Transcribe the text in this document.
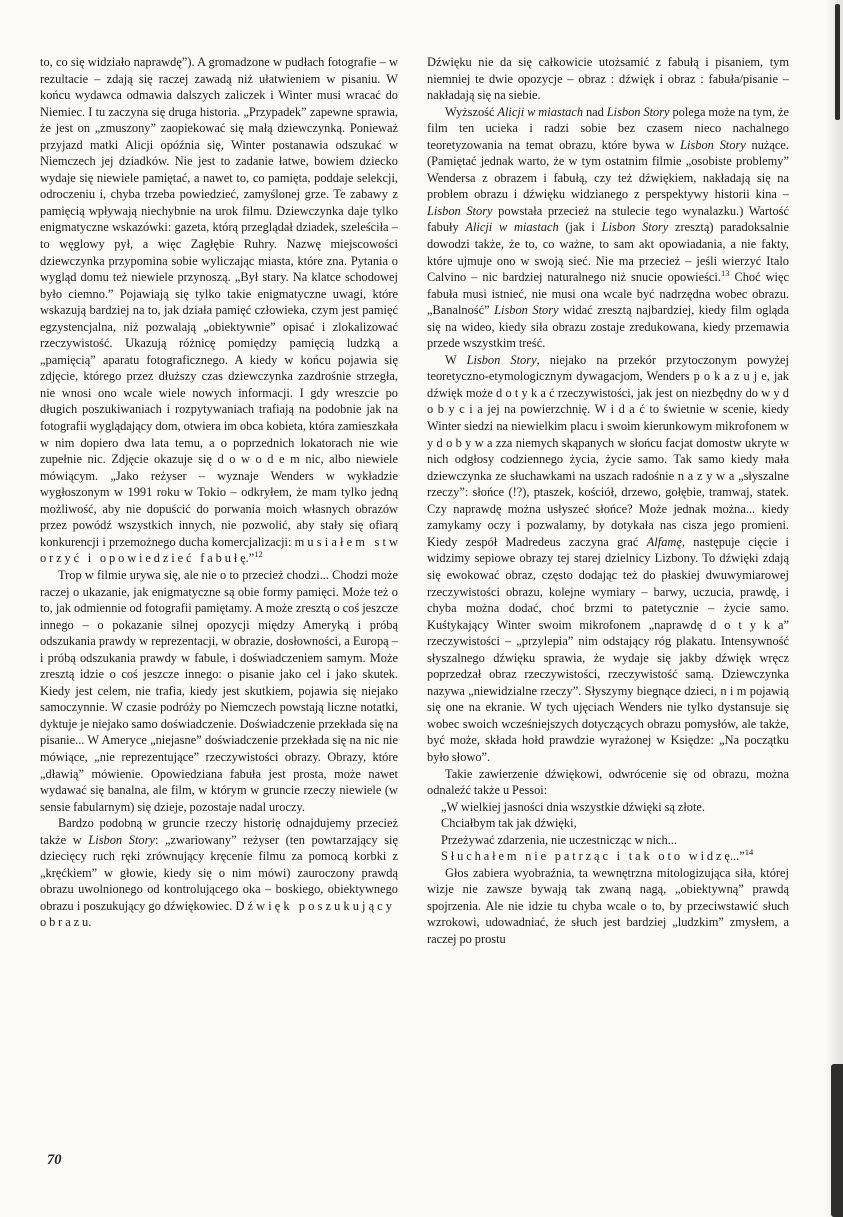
to, co się widziało naprawdę”). A gromadzone w pudłach fotografie – w rezultacie – zdają się raczej zawadą niż ułatwieniem w pisaniu. W końcu wydawca odmawia dalszych zaliczek i Winter musi wracać do Niemiec. I tu zaczyna się druga historia. „Przypadek” zapewne sprawia, że jest on „zmuszony” zaopiekować się małą dziewczynką. Ponieważ przyjazd matki Alicji opóźnia się, Winter postanawia odszukać w Niemczech jej dziadków. Nie jest to zadanie łatwe, bowiem dziecko wydaje się niewiele pamiętać, a nawet to, co pamięta, poddaje selekcji, odroczeniu i, chyba trzeba powiedzieć, zamyślonej grze. Te zabawy z pamięcią wpływają niechybnie na urok filmu. Dziewczynka daje tylko enigmatyczne wskazówki: gazeta, którą przeglądał dziadek, szeleściła – to węglowy pył, a więc Zagłębie Ruhry. Nazwę miejscowości dziewczynka przypomina sobie wyliczając miasta, które zna. Pytania o wygląd domu też niewiele przynoszą. „Był stary. Na klatce schodowej było ciemno.” Pojawiają się tylko takie enigmatyczne uwagi, które wskazują bardziej na to, jak działa pamięć człowieka, czym jest pamięć egzystencjalna, niż pozwalają „obiektywnie” opisać i zlokalizować rzeczywistość. Ukazują różnicę pomiędzy pamięcią ludzką a „pamięcią” aparatu fotograficznego. A kiedy w końcu pojawia się zdjęcie, którego przez dłuższy czas dziewczynka zazdrośnie strzegła, nie wnosi ono wcale wiele nowych informacji. I gdy wreszcie po długich poszukiwaniach i rozpytywaniach trafiają na podobnie jak na fotografii wyglądający dom, otwiera im obca kobieta, która zamieszkała w nim dopiero dwa lata temu, a o poprzednich lokatorach nie wie zupełnie nic. Zdjęcie okazuje się d o w o d e m nic, albo niewiele mówiącym. „Jako reżyser – wyznaje Wenders w wykładzie wygłoszonym w 1991 roku w Tokio – odkryłem, że mam tylko jedną możliwość, aby nie dopuścić do porwania moich własnych obrazów przez powódź wszystkich innych, nie pozwolić, aby stały się ofiarą konkurencji i przemożnego ducha komercjalizacji: m u s i a ł e m   s t w o r z y ć   i   o p o w i e d z i e ć   f a b u ł ę.”$^{12}$

Trop w filmie urywa się, ale nie o to przecież chodzi... Chodzi może raczej o ukazanie, jak enigmatyczne są obie formy pamięci. Może też o to, jak odmiennie od fotografii pamiętamy. A może zresztą o coś jeszcze innego – o pokazanie silnej opozycji między Ameryką i próbą odszukania prawdy w reprezentacji, w obrazie, dosłowności, a Europą – i próbą odszukania prawdy w fabule, i doświadczeniem samym. Może zresztą idzie o coś jeszcze innego: o pisanie jako cel i jako skutek. Kiedy jest celem, nie trafia, kiedy jest skutkiem, pojawia się niejako samoczynnie. W czasie podróży po Niemczech powstają liczne notatki, dyktuje je niejako samo doświadczenie. Doświadczenie przekłada się na pisanie... W Ameryce „niejasne” doświadczenie przekłada się na nic nie mówiące, „nie reprezentujące” rzeczywistości obrazy. Obrazy, które „dławią” mówienie. Opowiedziana fabuła jest prosta, może nawet wydawać się banalna, ale film, w którym w gruncie rzeczy niewiele (w sensie fabularnym) się dzieje, pozostaje nadal uroczy.

Bardzo podobną w gruncie rzeczy historię odnajdujemy przecież także w Lisbon Story: „zwariowany” reżyser (ten powtarzający się dziecięcy ruch ręki zrównujący kręcenie filmu za pomocą korbki z „kręćkiem” w głowie, kiedy się o nim mówi) zauroczony prawdą obrazu uwolnionego od kontrolującego oka – boskiego, obiektywnego obrazu i poszukujący go dźwiękowiec. D ź w i ę k   p o s z u k u j ą c y   o b r a z u.

Dźwięku nie da się całkowicie utożsamić z fabułą i pisaniem, tym niemniej te dwie opozycje – obraz : dźwięk i obraz : fabuła/pisanie – nakładają się na siebie.

Wyższość Alicji w miastach nad Lisbon Story polega może na tym, że film ten ucieka i radzi sobie bez czasem nieco nachalnego teoretyzowania na temat obrazu, które bywa w Lisbon Story nużące. (Pamiętać jednak warto, że w tym ostatnim filmie „osobiste problemy” Wendersa z obrazem i fabułą, czy też dźwiękiem, nakładają się na problem obrazu i dźwięku widzianego z perspektywy historii kina – Lisbon Story powstała przecież na stulecie tego wynalazku.) Wartość fabuły Alicji w miastach (jak i Lisbon Story zresztą) paradoksalnie dowodzi także, że to, co ważne, to sam akt opowiadania, a nie fakty, które ujmuje ono w swoją sieć. Nie ma przecież – jeśli wierzyć Italo Calvino – nic bardziej naturalnego niż snucie opowieści.$^{13}$ Choć więc fabuła musi istnieć, nie musi ona wcale być nadrzędna wobec obrazu. „Banalność” Lisbon Story widać zresztą najbardziej, kiedy film ogląda się na wideo, kiedy siła obrazu zostaje zredukowana, kiedy przemawia przede wszystkim treść.

W Lisbon Story, niejako na przekór przytoczonym powyżej teoretyczno-etymologicznym dywagacjom, Wenders p o k a z u j e, jak dźwięk może d o t y k a ć rzeczywistości, jak jest on niezbędny do w y d o b y c i a jej na powierzchnię. W i d a ć to świetnie w scenie, kiedy Winter siedzi na niewielkim placu i swoim kierunkowym mikrofonem w y d o b y w a zza niemych skąpanych w słońcu facjat domostw ukryte w nich odgłosy codziennego życia, życie samo. Tak samo kiedy mała dziewczynka ze słuchawkami na uszach radośnie n a z y w a „słyszalne rzeczy”: słońce (!?), ptaszek, kościół, drzewo, gołębie, tramwaj, statek. Czy naprawdę można usłyszeć słońce? Może jednak można... kiedy zamykamy oczy i pozwalamy, by dotykała nas cisza jego promieni. Kiedy zespół Madredeus zaczyna grać Alfamę, następuje cięcie i widzimy sepiowe obrazy tej starej dzielnicy Lizbony. To dźwięki zdają się ewokować obraz, często dodając też do płaskiej dwuwymiarowej rzeczywistości obrazu, kolejne wymiary – barwy, uczucia, prawdę, i chyba można dodać, choć brzmi to patetycznie – życie samo. Kuśtykający Winter swoim mikrofonem „naprawdę d o t y k a” rzeczywistości – „przylepia” nim odstający róg plakatu. Intensywność słyszalnego dźwięku sprawia, że wydaje się jakby dźwięk wręcz poprzedzał obraz rzeczywistości, rzeczywistość samą. Dziewczynka nazywa „niewidzialne rzeczy”. Słyszymy biegnące dzieci, n i m pojawią się one na ekranie. W tych ujęciach Wenders nie tylko dystansuje się wobec swoich wcześniejszych dotyczących obrazu pomysłów, ale także, być może, składa hołd prawdzie wyrażonej w Księdze: „Na początku było słowo”.

Takie zawierzenie dźwiękowi, odwrócenie się od obrazu, można odnaleźć także u Pessoi:

„W wielkiej jasności dnia wszystkie dźwięki są złote.
Chciałbym tak jak dźwięki,
Przeżywać zdarzenia, nie uczestnicząc w nich...
S ł u c h a ł e m   n i e   p a t r z ą c   i   t a k   o t o   w i d z ę...”$^{14}$

Głos zabiera wyobraźnia, ta wewnętrzna mitologizująca siła, której wizje nie zawsze bywają tak zwaną nagą, „obiektywną” prawdą spojrzenia. Ale nie idzie tu chyba wcale o to, by przeciwstawić słuch wzrokowi, udowadniać, że słuch jest bardziej „ludzkim” zmysłem, a raczej po prostu

70
